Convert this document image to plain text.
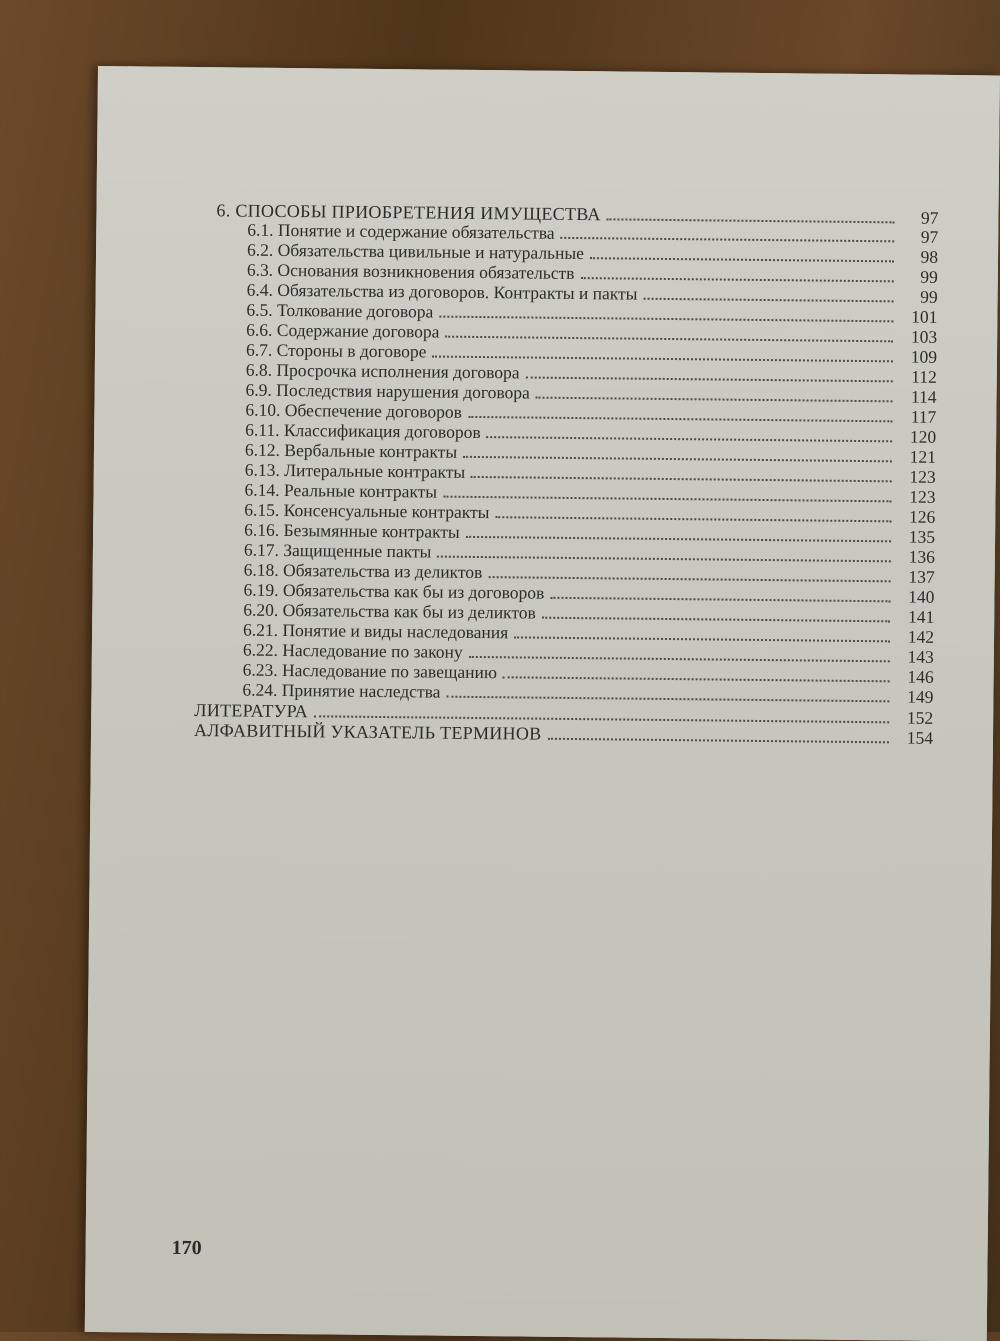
6. СПОСОБЫ ПРИОБРЕТЕНИЯ ИМУЩЕСТВА	97
6.1. Понятие и содержание обязательства	97
6.2. Обязательства цивильные и натуральные	98
6.3. Основания возникновения обязательств	99
6.4. Обязательства из договоров. Контракты и пакты	99
6.5. Толкование договора	101
6.6. Содержание договора	103
6.7. Стороны в договоре	109
6.8. Просрочка исполнения договора	112
6.9. Последствия нарушения договора	114
6.10. Обеспечение договоров	117
6.11. Классификация договоров	120
6.12. Вербальные контракты	121
6.13. Литеральные контракты	123
6.14. Реальные контракты	123
6.15. Консенсуальные контракты	126
6.16. Безымянные контракты	135
6.17. Защищенные пакты	136
6.18. Обязательства из деликтов	137
6.19. Обязательства как бы из договоров	140
6.20. Обязательства как бы из деликтов	141
6.21. Понятие и виды наследования	142
6.22. Наследование по закону	143
6.23. Наследование по завещанию	146
6.24. Принятие наследства	149
ЛИТЕРАТУРА	152
АЛФАВИТНЫЙ УКАЗАТЕЛЬ ТЕРМИНОВ	154
170
